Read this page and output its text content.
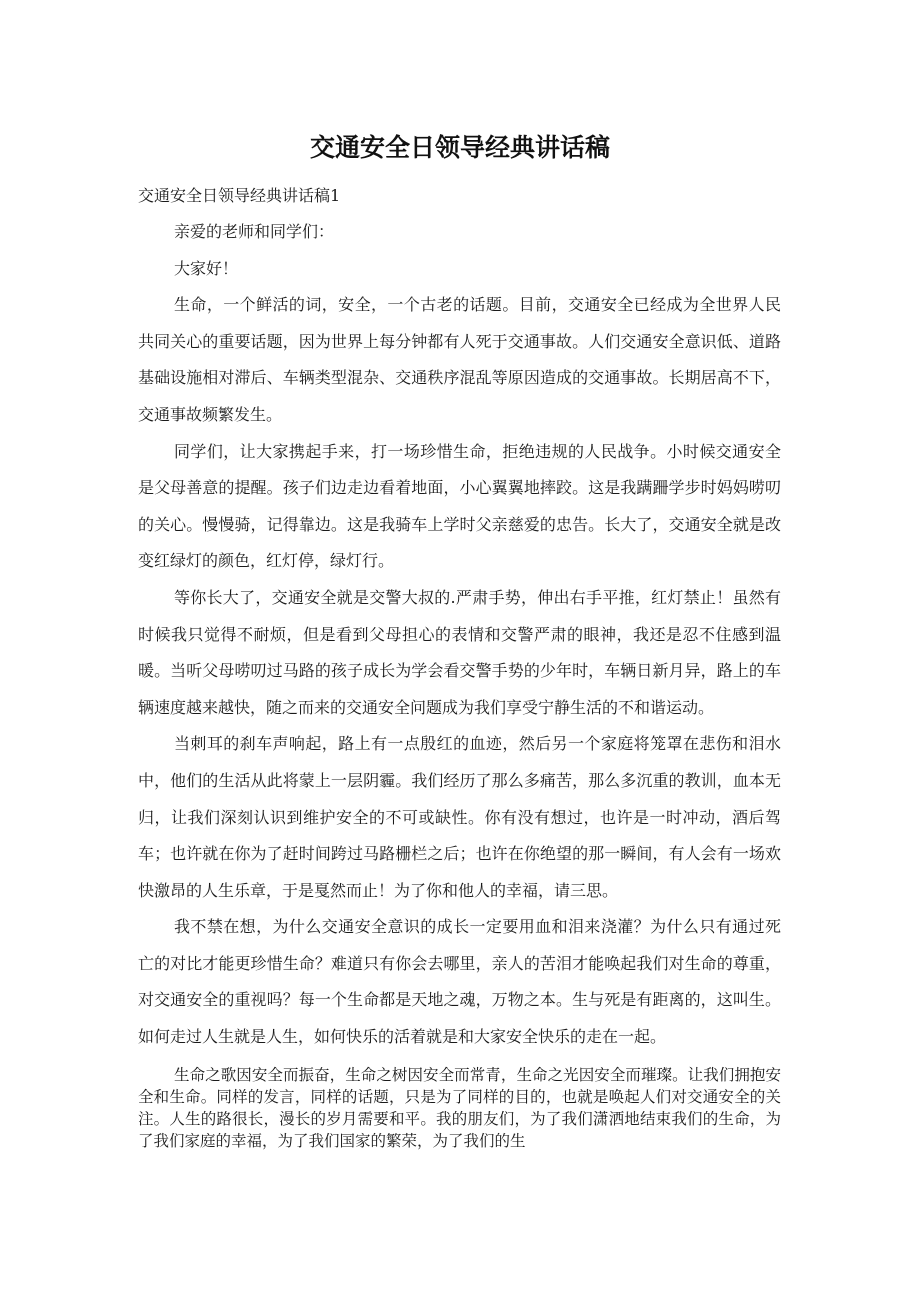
交通安全日领导经典讲话稿

交通安全日领导经典讲话稿1

亲爱的老师和同学们：

大家好！

生命，一个鲜活的词，安全，一个古老的话题。目前，交通安全已经成为全世界人民共同关心的重要话题，因为世界上每分钟都有人死于交通事故。人们交通安全意识低、道路基础设施相对滞后、车辆类型混杂、交通秩序混乱等原因造成的交通事故。长期居高不下，交通事故频繁发生。

同学们，让大家携起手来，打一场珍惜生命，拒绝违规的人民战争。小时候交通安全是父母善意的提醒。孩子们边走边看着地面，小心翼翼地摔跤。这是我蹒跚学步时妈妈唠叨的关心。慢慢骑，记得靠边。这是我骑车上学时父亲慈爱的忠告。长大了，交通安全就是改变红绿灯的颜色，红灯停，绿灯行。

等你长大了，交通安全就是交警大叔的.严肃手势，伸出右手平推，红灯禁止！虽然有时候我只觉得不耐烦，但是看到父母担心的表情和交警严肃的眼神，我还是忍不住感到温暖。当听父母唠叨过马路的孩子成长为学会看交警手势的少年时，车辆日新月异，路上的车辆速度越来越快，随之而来的交通安全问题成为我们享受宁静生活的不和谐运动。

当刺耳的刹车声响起，路上有一点殷红的血迹，然后另一个家庭将笼罩在悲伤和泪水中，他们的生活从此将蒙上一层阴霾。我们经历了那么多痛苦，那么多沉重的教训，血本无归，让我们深刻认识到维护安全的不可或缺性。你有没有想过，也许是一时冲动，酒后驾车；也许就在你为了赶时间跨过马路栅栏之后；也许在你绝望的那一瞬间，有人会有一场欢快激昂的人生乐章，于是戛然而止！为了你和他人的幸福，请三思。

我不禁在想，为什么交通安全意识的成长一定要用血和泪来浇灌？为什么只有通过死亡的对比才能更珍惜生命？难道只有你会去哪里，亲人的苦泪才能唤起我们对生命的尊重，对交通安全的重视吗？每一个生命都是天地之魂，万物之本。生与死是有距离的，这叫生。如何走过人生就是人生，如何快乐的活着就是和大家安全快乐的走在一起。

生命之歌因安全而振奋，生命之树因安全而常青，生命之光因安全而璀璨。让我们拥抱安全和生命。同样的发言，同样的话题，只是为了同样的目的，也就是唤起人们对交通安全的关注。人生的路很长，漫长的岁月需要和平。我的朋友们，为了我们潇洒地结束我们的生命，为了我们家庭的幸福，为了我们国家的繁荣，为了我们的生
